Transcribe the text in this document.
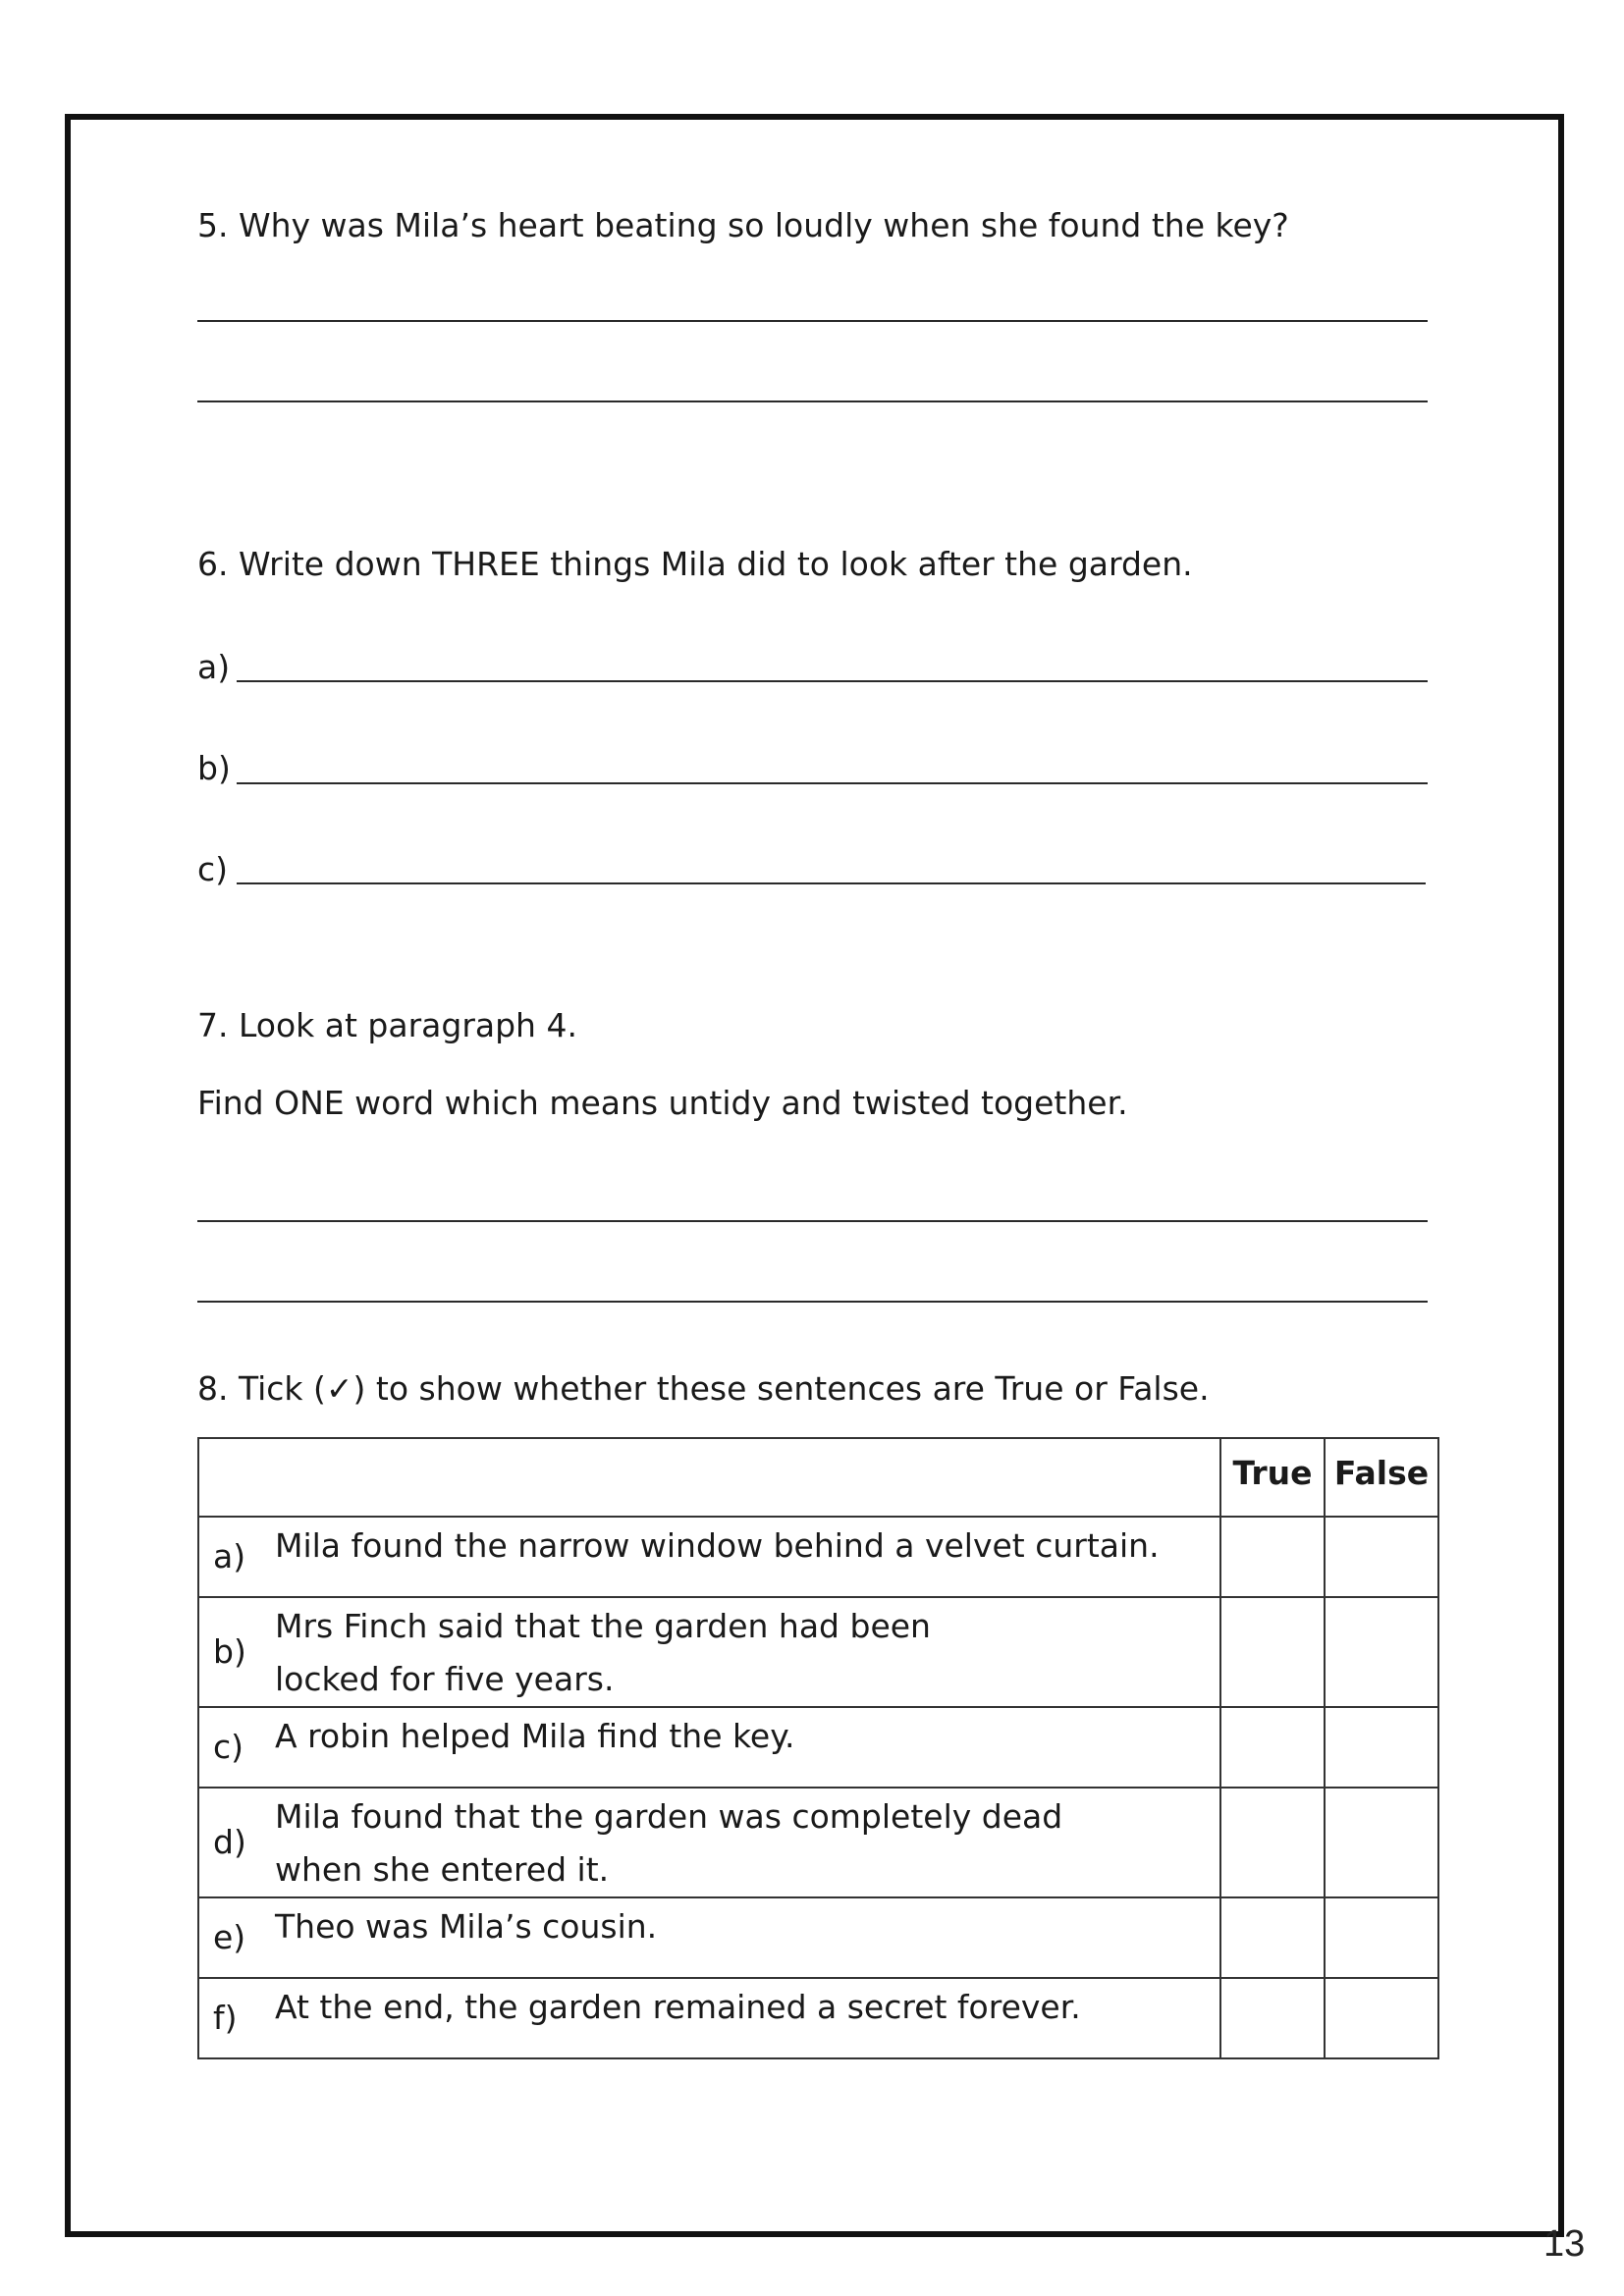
5. Why was Mila’s heart beating so loudly when she found the key?
6. Write down THREE things Mila did to look after the garden.
a)
b)
c)
7. Look at paragraph 4.
Find ONE word which means untidy and twisted together.
8. Tick (✓) to show whether these sentences are True or False.
		True	False
a)	Mila found the narrow window behind a velvet curtain.		
b)	Mrs Finch said that the garden had been locked for five years.		
c)	A robin helped Mila find the key.		
d)	Mila found that the garden was completely dead when she entered it.		
e)	Theo was Mila’s cousin.		
f)	At the end, the garden remained a secret forever.		
13
